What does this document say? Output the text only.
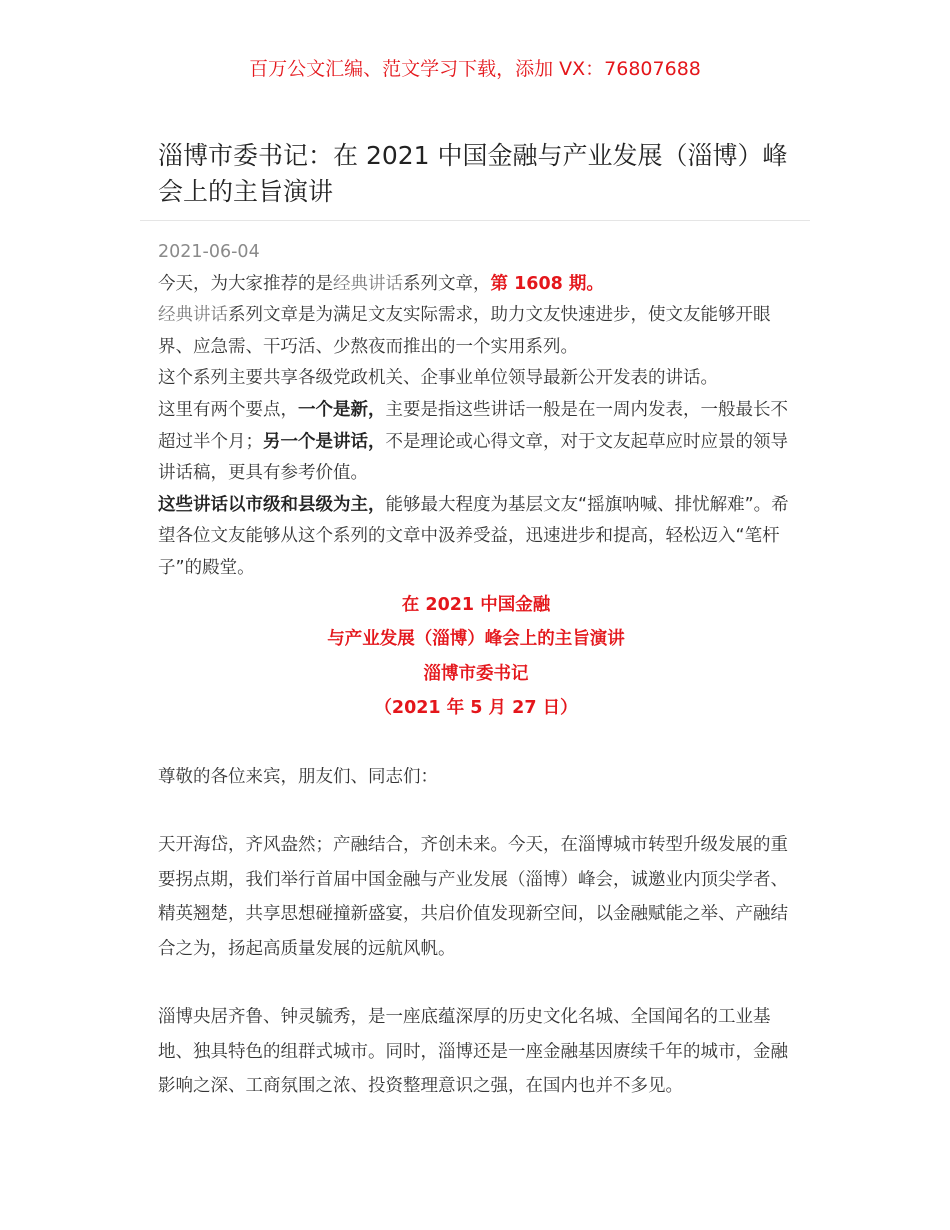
百万公文汇编、范文学习下载，添加 VX：76807688
淄博市委书记：在 2021 中国金融与产业发展（淄博）峰会上的主旨演讲

2021-06-04

今天，为大家推荐的是经典讲话系列文章，第 1608 期。

经典讲话系列文章是为满足文友实际需求，助力文友快速进步，使文友能够开眼界、应急需、干巧活、少熬夜而推出的一个实用系列。

这个系列主要共享各级党政机关、企事业单位领导最新公开发表的讲话。

这里有两个要点，一个是新，主要是指这些讲话一般是在一周内发表，一般最长不超过半个月；另一个是讲话，不是理论或心得文章，对于文友起草应时应景的领导讲话稿，更具有参考价值。

这些讲话以市级和县级为主，能够最大程度为基层文友“摇旗呐喊、排忧解难”。希望各位文友能够从这个系列的文章中汲养受益，迅速进步和提高，轻松迈入“笔杆子”的殿堂。

在 2021 中国金融
与产业发展（淄博）峰会上的主旨演讲
淄博市委书记
（2021 年 5 月 27 日）

尊敬的各位来宾，朋友们、同志们：

天开海岱，齐风盎然；产融结合，齐创未来。今天，在淄博城市转型升级发展的重要拐点期，我们举行首届中国金融与产业发展（淄博）峰会，诚邀业内顶尖学者、精英翘楚，共享思想碰撞新盛宴，共启价值发现新空间，以金融赋能之举、产融结合之为，扬起高质量发展的远航风帆。

淄博央居齐鲁、钟灵毓秀，是一座底蕴深厚的历史文化名城、全国闻名的工业基地、独具特色的组群式城市。同时，淄博还是一座金融基因赓续千年的城市，金融影响之深、工商氛围之浓、投资整理意识之强，在国内也并不多见。
